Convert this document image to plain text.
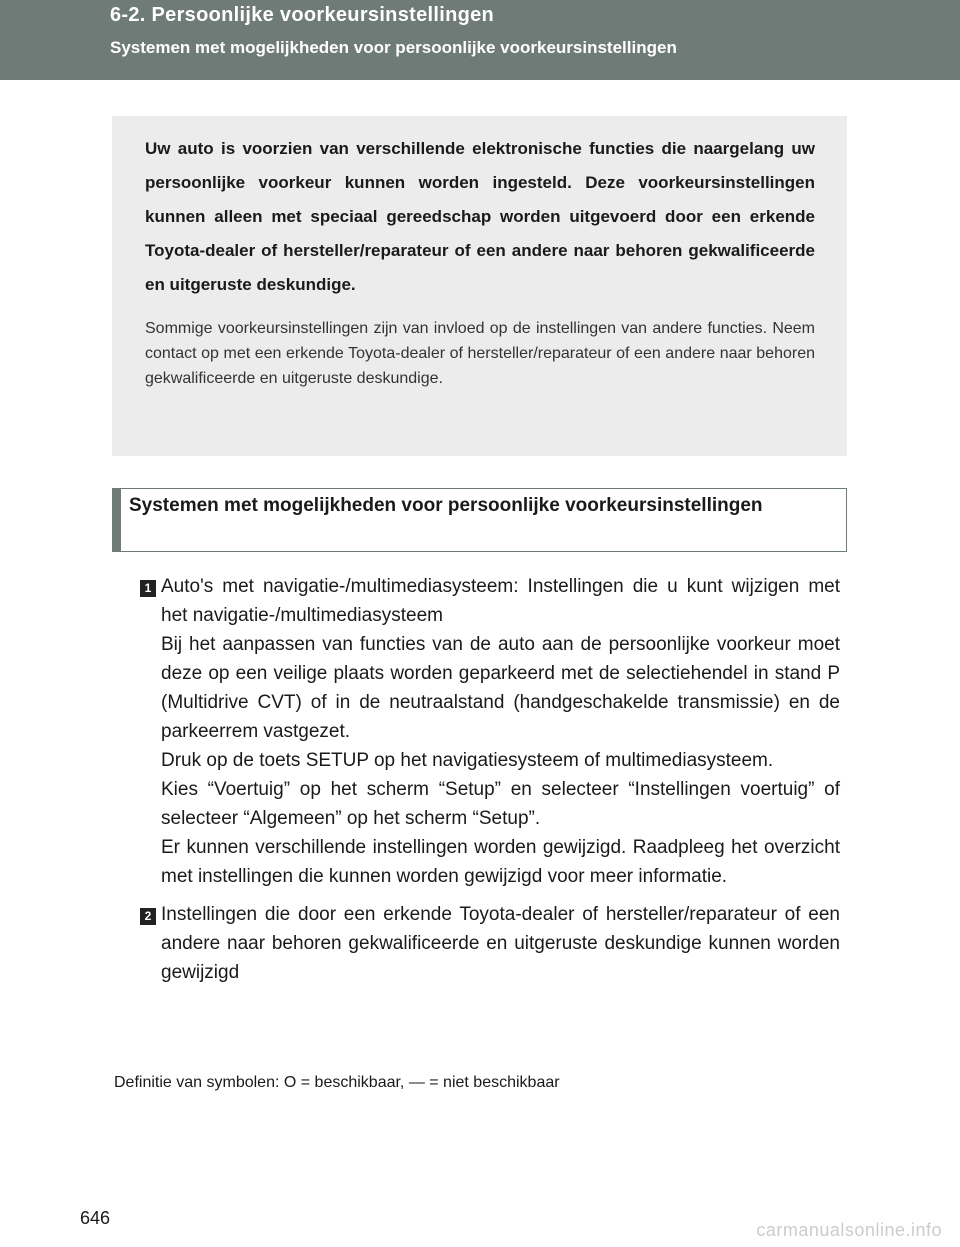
6-2. Persoonlijke voorkeursinstellingen
Systemen met mogelijkheden voor persoonlijke voorkeursinstellingen

Uw auto is voorzien van verschillende elektronische functies die naargelang uw persoonlijke voorkeur kunnen worden ingesteld. Deze voorkeursinstellingen kunnen alleen met speciaal gereedschap worden uitgevoerd door een erkende Toyota-dealer of hersteller/reparateur of een andere naar behoren gekwalificeerde en uitgeruste deskundige.

Sommige voorkeursinstellingen zijn van invloed op de instellingen van andere functies. Neem contact op met een erkende Toyota-dealer of hersteller/reparateur of een andere naar behoren gekwalificeerde en uitgeruste deskundige.

Systemen met mogelijkheden voor persoonlijke voorkeursinstellingen
1 Auto's met navigatie-/multimediasysteem: Instellingen die u kunt wijzigen met het navigatie-/multimediasysteem

Bij het aanpassen van functies van de auto aan de persoonlijke voorkeur moet deze op een veilige plaats worden geparkeerd met de selectiehendel in stand P (Multidrive CVT) of in de neutraalstand (handgeschakelde transmissie) en de parkeerrem vastgezet.

Druk op de toets SETUP op het navigatiesysteem of multimediasysteem.

Kies “Voertuig” op het scherm “Setup” en selecteer “Instellingen voertuig” of selecteer “Algemeen” op het scherm “Setup”.

Er kunnen verschillende instellingen worden gewijzigd. Raadpleeg het overzicht met instellingen die kunnen worden gewijzigd voor meer informatie.

2 Instellingen die door een erkende Toyota-dealer of hersteller/reparateur of een andere naar behoren gekwalificeerde en uitgeruste deskundige kunnen worden gewijzigd

Definitie van symbolen: O = beschikbaar, — = niet beschikbaar
646
carmanualsonline.info
